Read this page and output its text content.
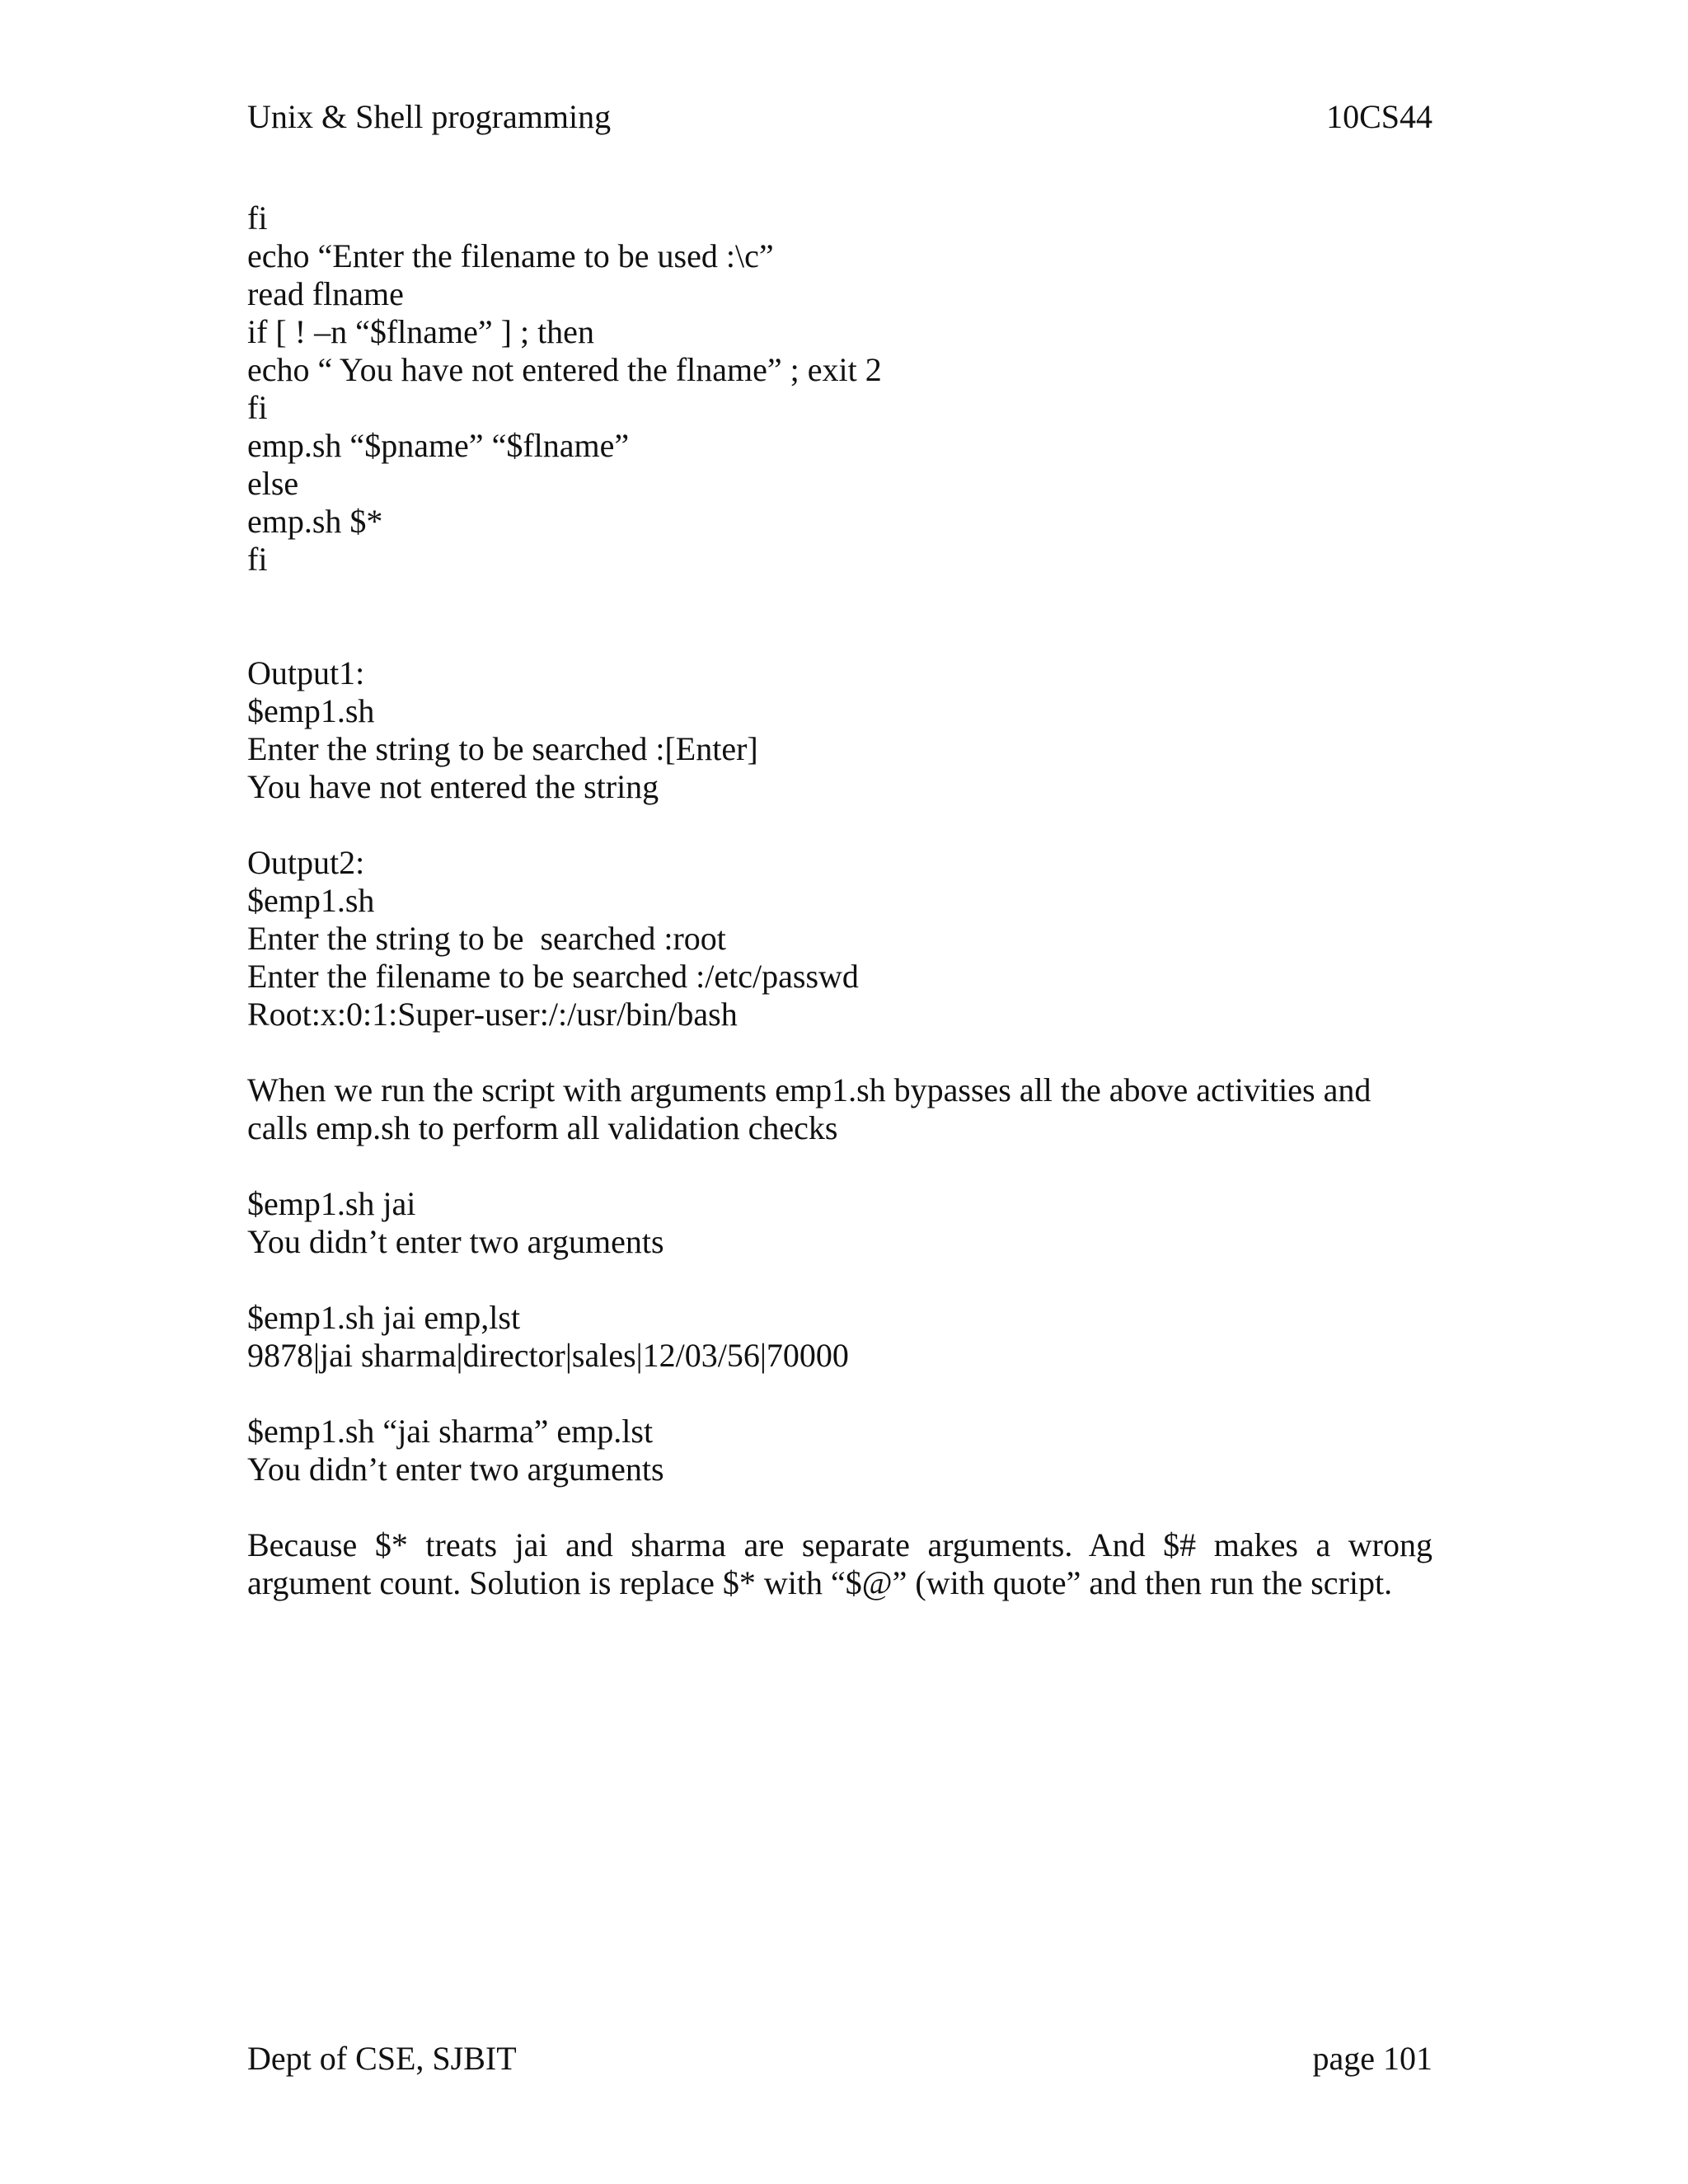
Unix & Shell programming	10CS44
fi
echo “Enter the filename to be used :\c”
read flname
if [ ! –n “$flname” ] ; then
echo “ You have not entered the flname” ; exit 2
fi
emp.sh “$pname” “$flname”
else
emp.sh $*
fi
Output1:
$emp1.sh
Enter the string to be searched :[Enter]
You have not entered the string
Output2:
$emp1.sh
Enter the string to be  searched :root
Enter the filename to be searched :/etc/passwd
Root:x:0:1:Super-user:/:/usr/bin/bash
When we run the script with arguments emp1.sh bypasses all the above activities and calls emp.sh to perform all validation checks
$emp1.sh jai
You didn’t enter two arguments
$emp1.sh jai emp,lst
9878|jai sharma|director|sales|12/03/56|70000
$emp1.sh “jai sharma” emp.lst
You didn’t enter two arguments
Because $* treats jai and sharma are separate arguments. And $# makes a wrong argument count. Solution is replace $* with “$@” (with quote” and then run the script.
Dept of CSE, SJBIT	page 101
